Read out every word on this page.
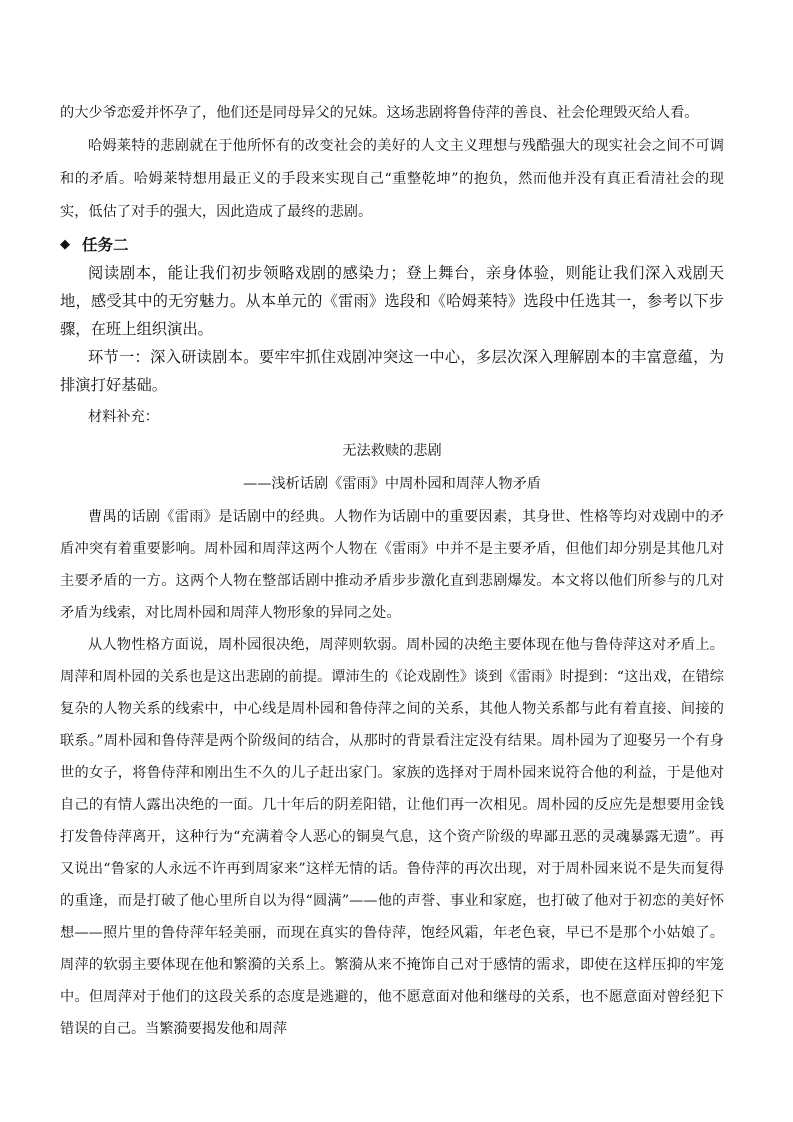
的大少爷恋爱并怀孕了，他们还是同母异父的兄妹。这场悲剧将鲁侍萍的善良、社会伦理毁灭给人看。

哈姆莱特的悲剧就在于他所怀有的改变社会的美好的人文主义理想与残酷强大的现实社会之间不可调和的矛盾。哈姆莱特想用最正义的手段来实现自己“重整乾坤”的抱负，然而他并没有真正看清社会的现实，低估了对手的强大，因此造成了最终的悲剧。

◆ 任务二

阅读剧本，能让我们初步领略戏剧的感染力；登上舞台，亲身体验，则能让我们深入戏剧天地，感受其中的无穷魅力。从本单元的《雷雨》选段和《哈姆莱特》选段中任选其一，参考以下步骤，在班上组织演出。

环节一：深入研读剧本。要牢牢抓住戏剧冲突这一中心，多层次深入理解剧本的丰富意蕴，为排演打好基础。

材料补充：

无法救赎的悲剧

——浅析话剧《雷雨》中周朴园和周萍人物矛盾

曹禺的话剧《雷雨》是话剧中的经典。人物作为话剧中的重要因素，其身世、性格等均对戏剧中的矛盾冲突有着重要影响。周朴园和周萍这两个人物在《雷雨》中并不是主要矛盾，但他们却分别是其他几对主要矛盾的一方。这两个人物在整部话剧中推动矛盾步步激化直到悲剧爆发。本文将以他们所参与的几对矛盾为线索，对比周朴园和周萍人物形象的异同之处。

从人物性格方面说，周朴园很决绝，周萍则软弱。周朴园的决绝主要体现在他与鲁侍萍这对矛盾上。周萍和周朴园的关系也是这出悲剧的前提。谭沛生的《论戏剧性》谈到《雷雨》时提到：“这出戏，在错综复杂的人物关系的线索中，中心线是周朴园和鲁侍萍之间的关系，其他人物关系都与此有着直接、间接的联系。”周朴园和鲁侍萍是两个阶级间的结合，从那时的背景看注定没有结果。周朴园为了迎娶另一个有身世的女子，将鲁侍萍和刚出生不久的儿子赶出家门。家族的选择对于周朴园来说符合他的利益，于是他对自己的有情人露出决绝的一面。几十年后的阴差阳错，让他们再一次相见。周朴园的反应先是想要用金钱打发鲁侍萍离开，这种行为“充满着令人恶心的铜臭气息，这个资产阶级的卑鄙丑恶的灵魂暴露无遗”。再又说出“鲁家的人永远不许再到周家来”这样无情的话。鲁侍萍的再次出现，对于周朴园来说不是失而复得的重逢，而是打破了他心里所自以为得“圆满”——他的声誉、事业和家庭，也打破了他对于初恋的美好怀想——照片里的鲁侍萍年轻美丽，而现在真实的鲁侍萍，饱经风霜，年老色衰，早已不是那个小姑娘了。周萍的软弱主要体现在他和繁漪的关系上。繁漪从来不掩饰自己对于感情的需求，即使在这样压抑的牢笼中。但周萍对于他们的这段关系的态度是逃避的，他不愿意面对他和继母的关系，也不愿意面对曾经犯下错误的自己。当繁漪要揭发他和周萍
